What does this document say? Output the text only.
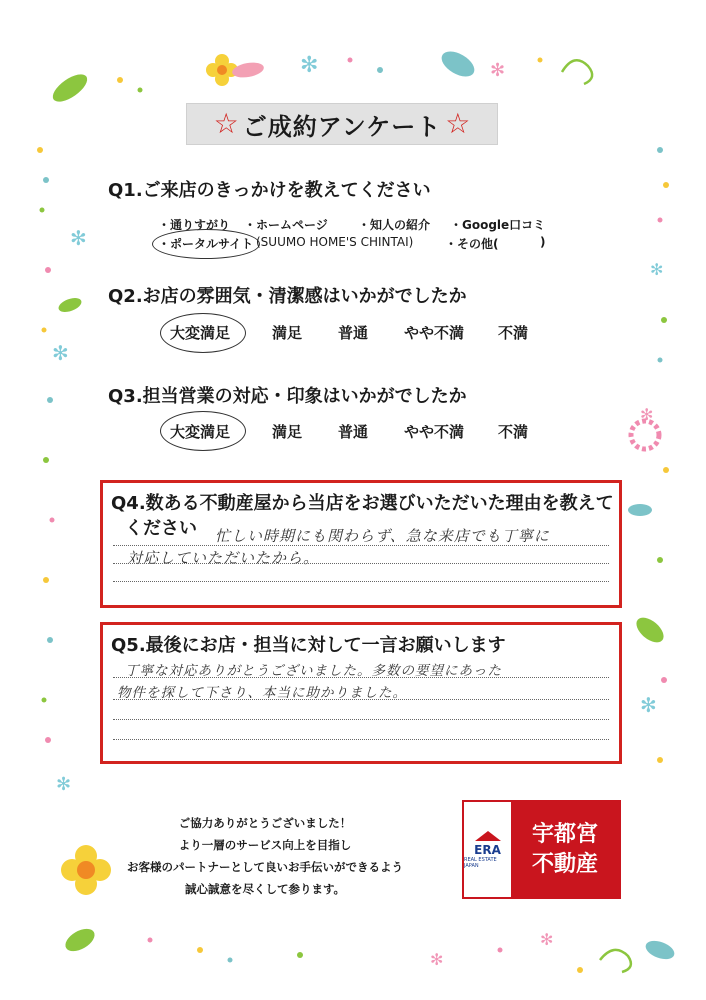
✻
✻
✻
✻
✻
✻
✻
✻
✻
✻
☆ ご成約アンケート ☆
Q1.ご来店のきっかけを教えてください
・通りすがり ・ホームページ	・知人の紹介 ・Google口コミ
・ポータルサイト (SUUMO HOME'S CHINTAI)	・その他(	)
Q2.お店の雰囲気・清潔感はいかがでしたか
大変満足	満足 普通 やや不満 不満
Q3.担当営業の対応・印象はいかがでしたか
大変満足	満足 普通 やや不満 不満
Q4.数ある不動産屋から当店をお選びいただいた理由を教えて
ください 忙しい時期にも関わらず、急な来店でも丁寧に
対応していただいたから。
Q5.最後にお店・担当に対して一言お願いします
丁寧な対応ありがとうございました。多数の要望にあった
物件を探して下さり、本当に助かりました。
ご協力ありがとうございました！
より一層のサービス向上を目指し
お客様のパートナーとして良いお手伝いができるよう
誠心誠意を尽くして参ります。
ERA
REAL ESTATE JAPAN
宇都宮
不動産
